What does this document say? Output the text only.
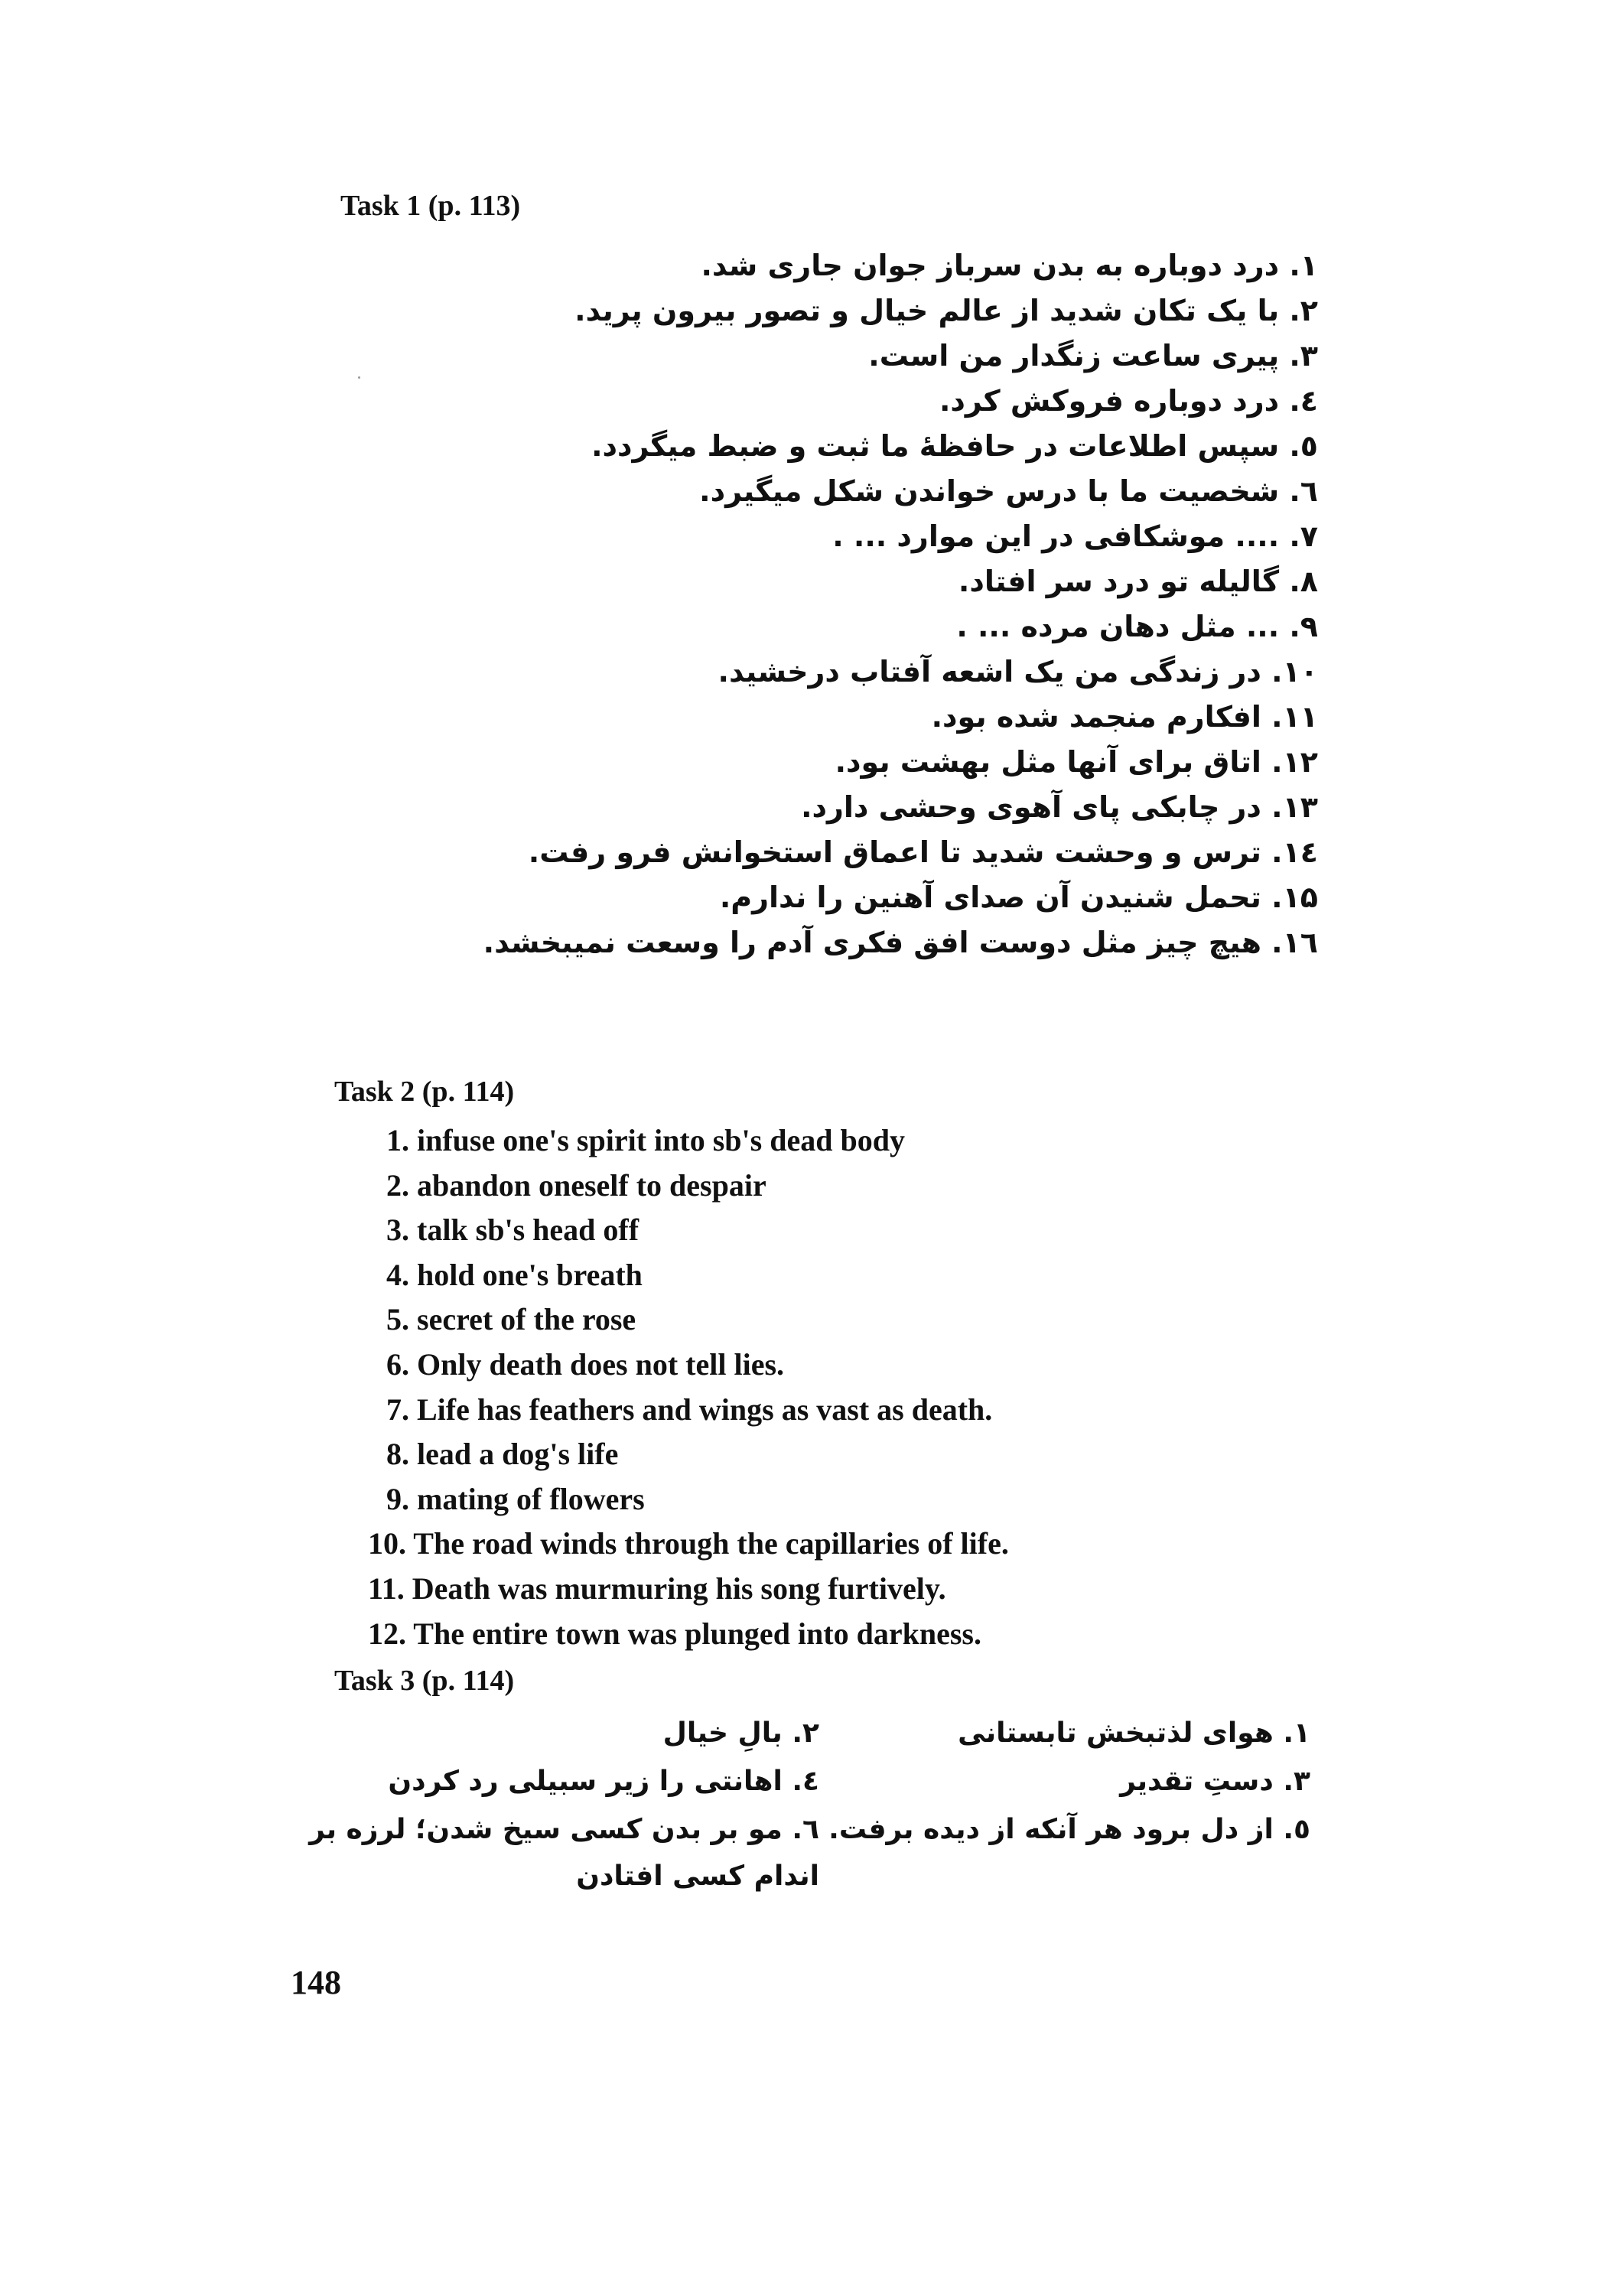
Task 1 (p. 113)
۱. درد دوباره به بدن سرباز جوان جاری شد.
۲. با یک تکان شدید از عالم خیال و تصور بیرون پرید.
۳. پیری ساعت زنگدار من است.
٤. درد دوباره فروکش کرد.
٥. سپس اطلاعات در حافظهٔ ما ثبت و ضبط میگردد.
٦. شخصیت ما با درس خواندن شکل میگیرد.
۷. .... موشکافی در این موارد ... .
۸. گالیله تو درد سر افتاد.
۹. ... مثل دهان مرده ... .
۱۰. در زندگی من یک اشعه آفتاب درخشید.
۱۱. افکارم منجمد شده بود.
۱۲. اتاق برای آنها مثل بهشت بود.
۱۳. در چابکی پای آهوی وحشی دارد.
١٤. ترس و وحشت شدید تا اعماق استخوانش فرو رفت.
۱۵. تحمل شنیدن آن صدای آهنین را ندارم.
١٦. هیچ چیز مثل دوست افق فکری آدم را وسعت نمیبخشد.
Task 2 (p. 114)
1. infuse one's spirit into sb's dead body
2. abandon oneself to despair
3. talk sb's head off
4. hold one's breath
5. secret of the rose
6. Only death does not tell lies.
7. Life has feathers and wings as vast as death.
8. lead a dog's life
9. mating of flowers
10. The road winds through the capillaries of life.
11. Death was murmuring his song furtively.
12. The entire town was plunged into darkness.
Task 3 (p. 114)
۱. هوای لذتبخش تابستانی
۲. بالِ خیال
۳. دستِ تقدیر
٤. اهانتی را زیر سبیلی رد کردن
٥. از دل برود هر آنکه از دیده برفت.
٦. مو بر بدن کسی سیخ شدن؛ لرزه بر
اندام کسی افتادن
148
